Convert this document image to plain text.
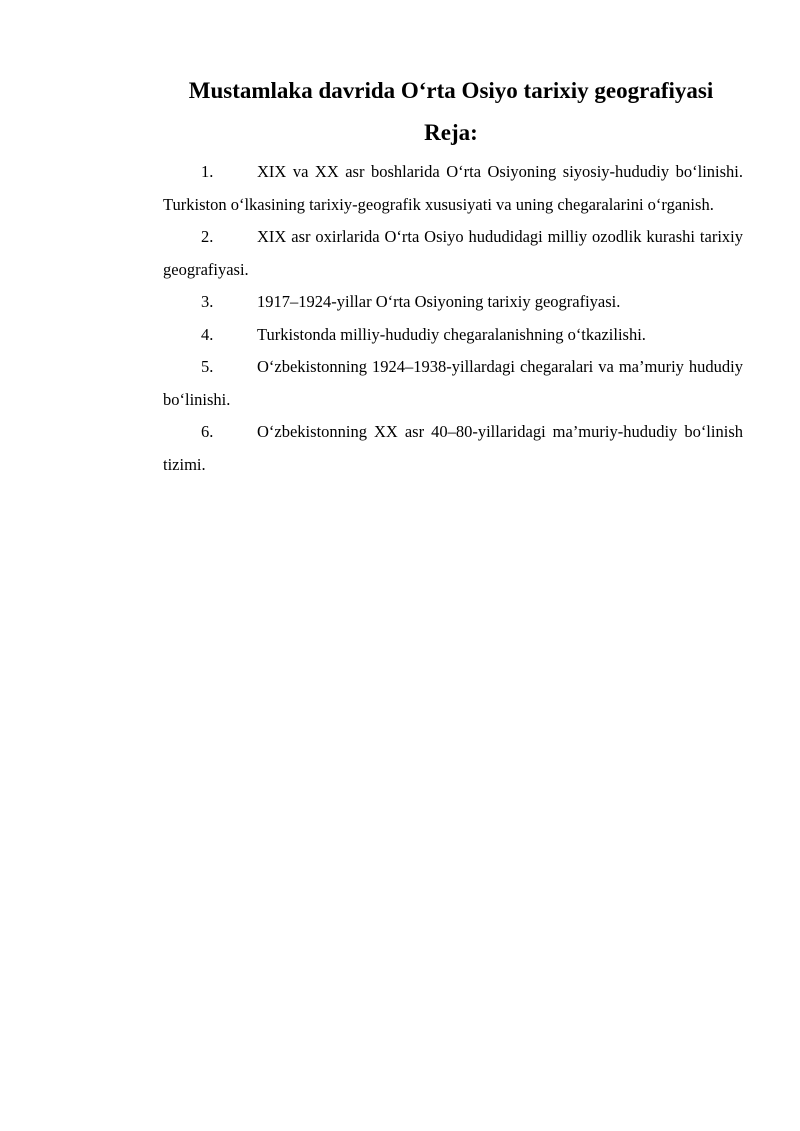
Mustamlaka davrida O‘rta Osiyo tarixiy geografiyasi
Reja:
1.	XIX va XX asr boshlarida O‘rta Osiyoning siyosiy-hududiy bo‘linishi. Turkiston o‘lkasining tarixiy-geografik xususiyati va uning chegaralarini o‘rganish.
2.	XIX asr oxirlarida O‘rta Osiyo hududidagi milliy ozodlik kurashi tarixiy geografiyasi.
3.	1917–1924-yillar O‘rta Osiyoning tarixiy geografiyasi.
4.	Turkistonda milliy-hududiy chegaralanishning o‘tkazilishi.
5.	O‘zbekistonning 1924–1938-yillardagi chegaralari va ma’muriy hududiy bo‘linishi.
6.	O‘zbekistonning XX asr 40–80-yillaridagi ma’muriy-hududiy bo‘linish tizimi.
